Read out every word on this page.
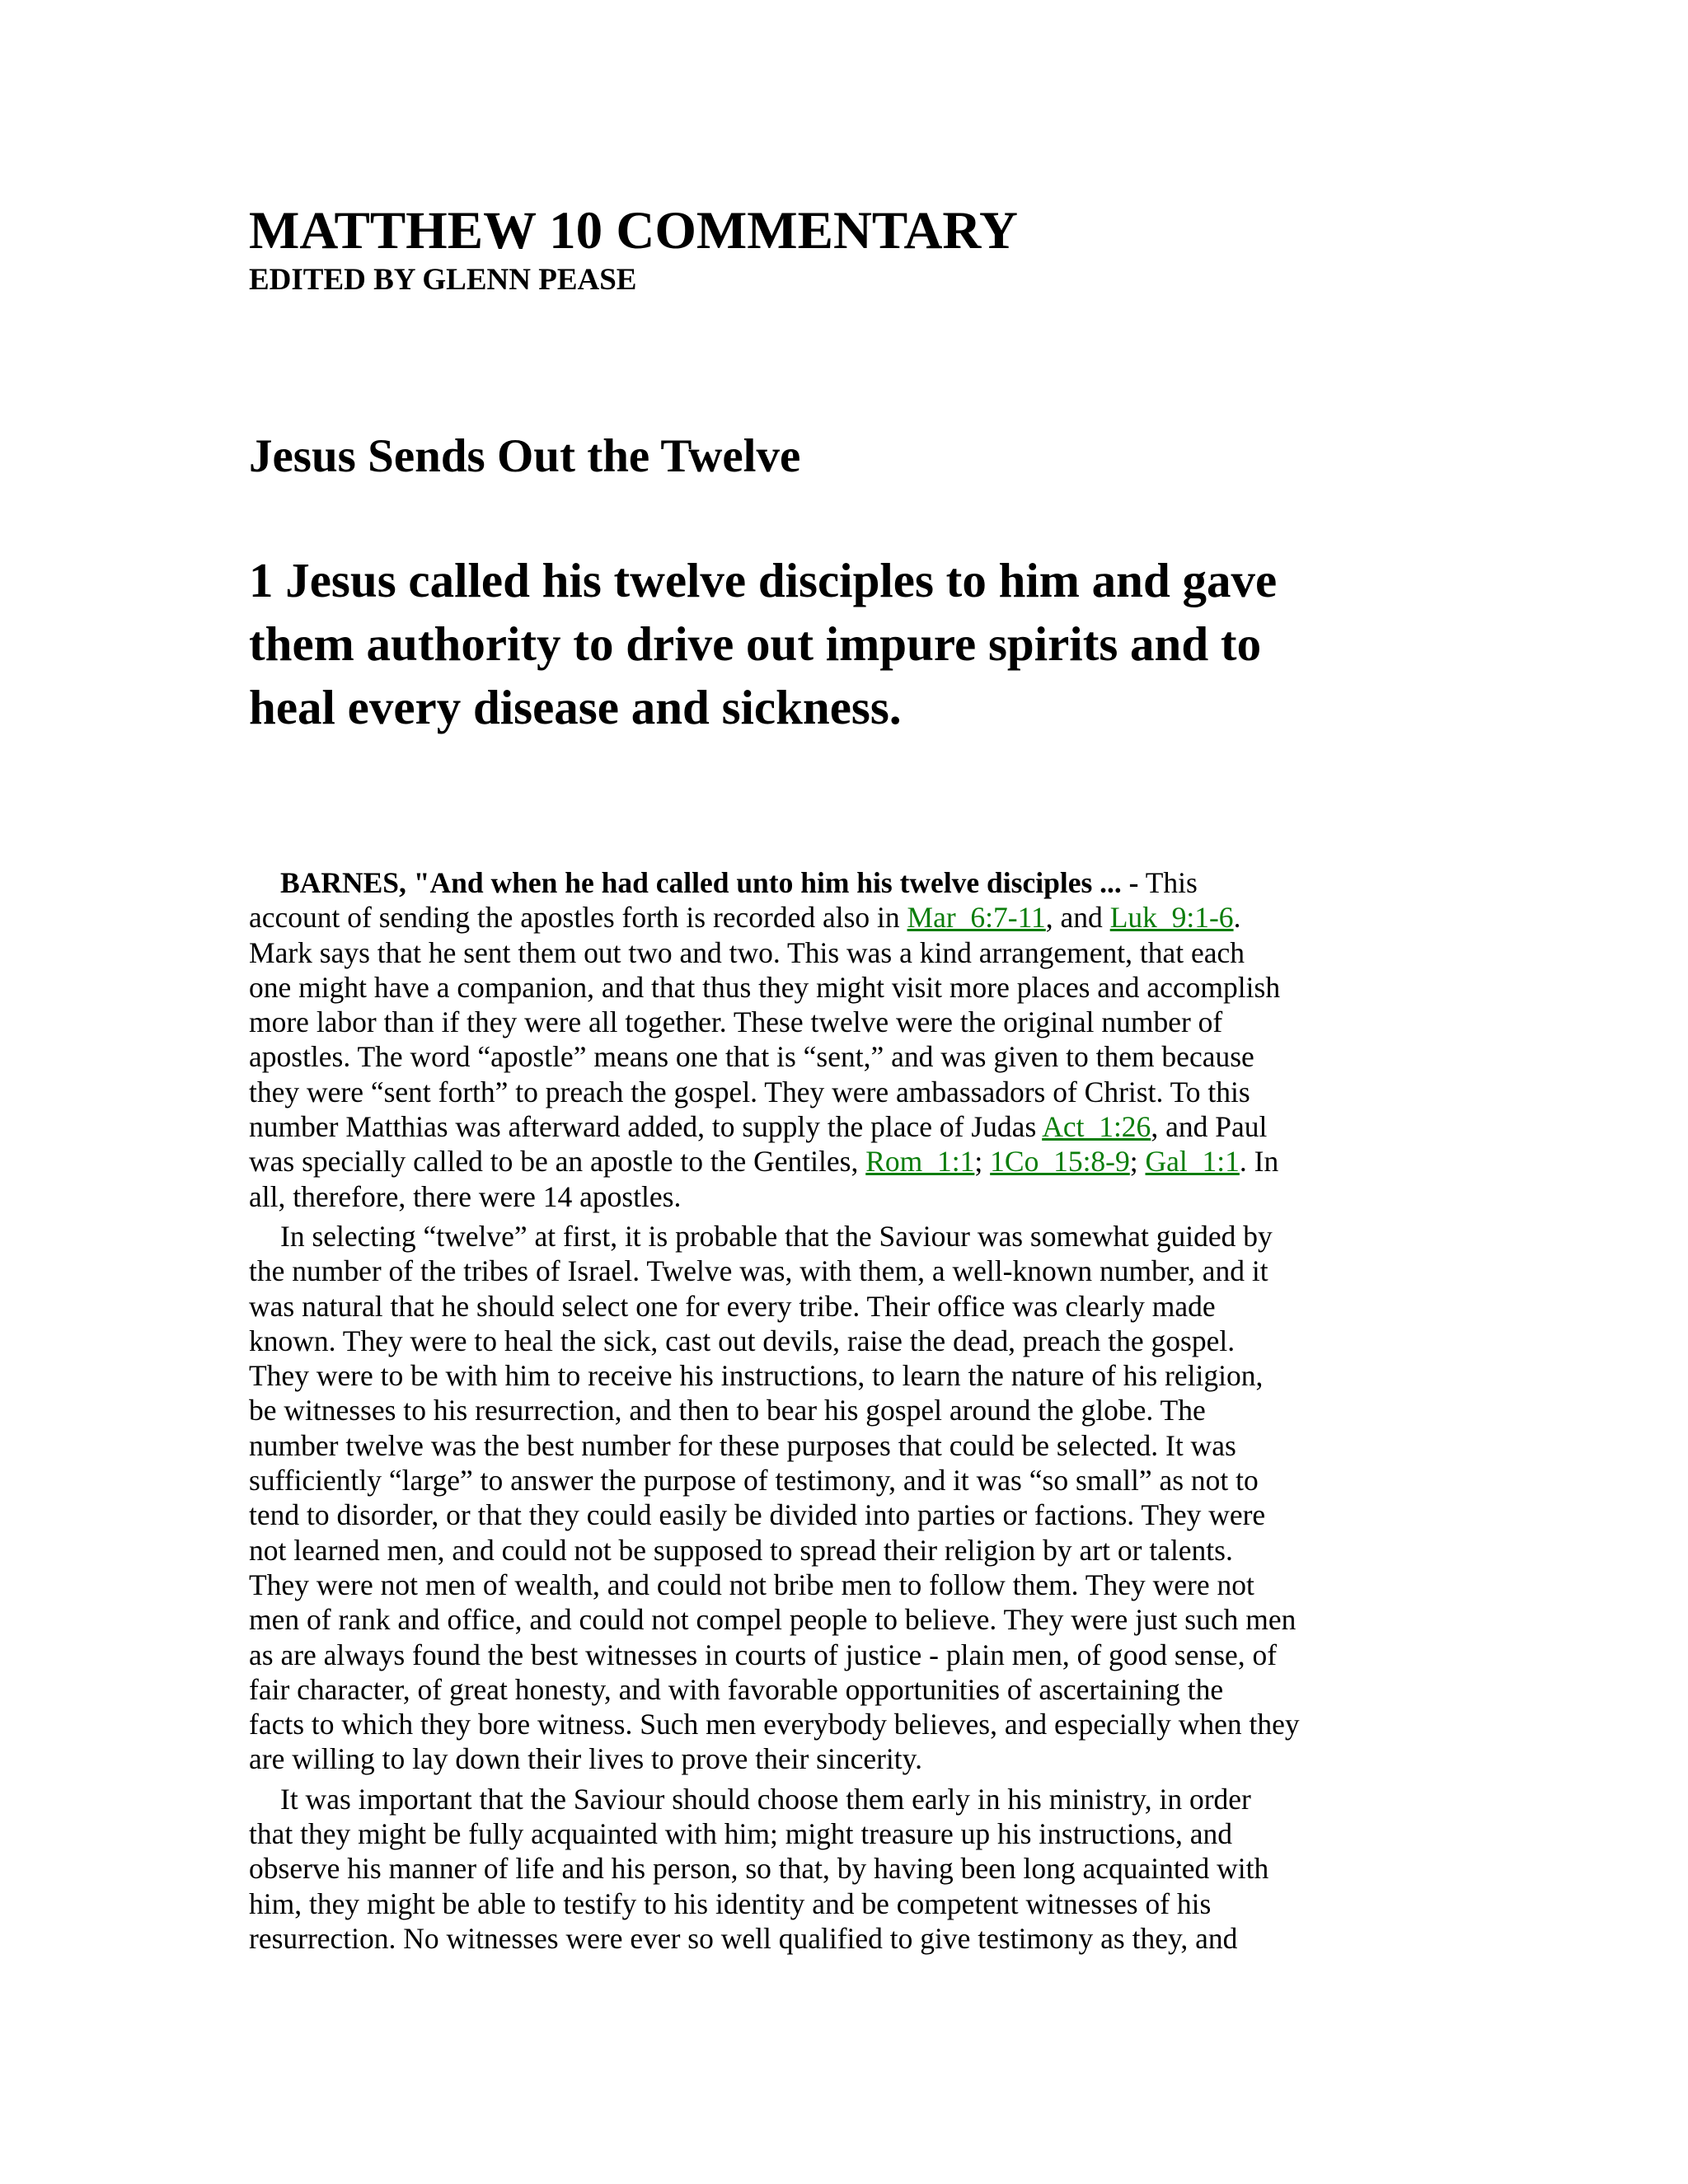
MATTHEW 10 COMMENTARY
EDITED BY GLENN PEASE
Jesus Sends Out the Twelve
1 Jesus called his twelve disciples to him and gave
them authority to drive out impure spirits and to
heal every disease and sickness.
BARNES, "And when he had called unto him his twelve disciples ... - This
account of sending the apostles forth is recorded also in Mar_6:7-11, and Luk_9:1-6.
Mark says that he sent them out two and two. This was a kind arrangement, that each
one might have a companion, and that thus they might visit more places and accomplish
more labor than if they were all together. These twelve were the original number of
apostles. The word “apostle” means one that is “sent,” and was given to them because
they were “sent forth” to preach the gospel. They were ambassadors of Christ. To this
number Matthias was afterward added, to supply the place of Judas Act_1:26, and Paul
was specially called to be an apostle to the Gentiles, Rom_1:1; 1Co_15:8-9; Gal_1:1. In
all, therefore, there were 14 apostles.
In selecting “twelve” at first, it is probable that the Saviour was somewhat guided by
the number of the tribes of Israel. Twelve was, with them, a well-known number, and it
was natural that he should select one for every tribe. Their office was clearly made
known. They were to heal the sick, cast out devils, raise the dead, preach the gospel.
They were to be with him to receive his instructions, to learn the nature of his religion,
be witnesses to his resurrection, and then to bear his gospel around the globe. The
number twelve was the best number for these purposes that could be selected. It was
sufficiently “large” to answer the purpose of testimony, and it was “so small” as not to
tend to disorder, or that they could easily be divided into parties or factions. They were
not learned men, and could not be supposed to spread their religion by art or talents.
They were not men of wealth, and could not bribe men to follow them. They were not
men of rank and office, and could not compel people to believe. They were just such men
as are always found the best witnesses in courts of justice - plain men, of good sense, of
fair character, of great honesty, and with favorable opportunities of ascertaining the
facts to which they bore witness. Such men everybody believes, and especially when they
are willing to lay down their lives to prove their sincerity.
It was important that the Saviour should choose them early in his ministry, in order
that they might be fully acquainted with him; might treasure up his instructions, and
observe his manner of life and his person, so that, by having been long acquainted with
him, they might be able to testify to his identity and be competent witnesses of his
resurrection. No witnesses were ever so well qualified to give testimony as they, and
